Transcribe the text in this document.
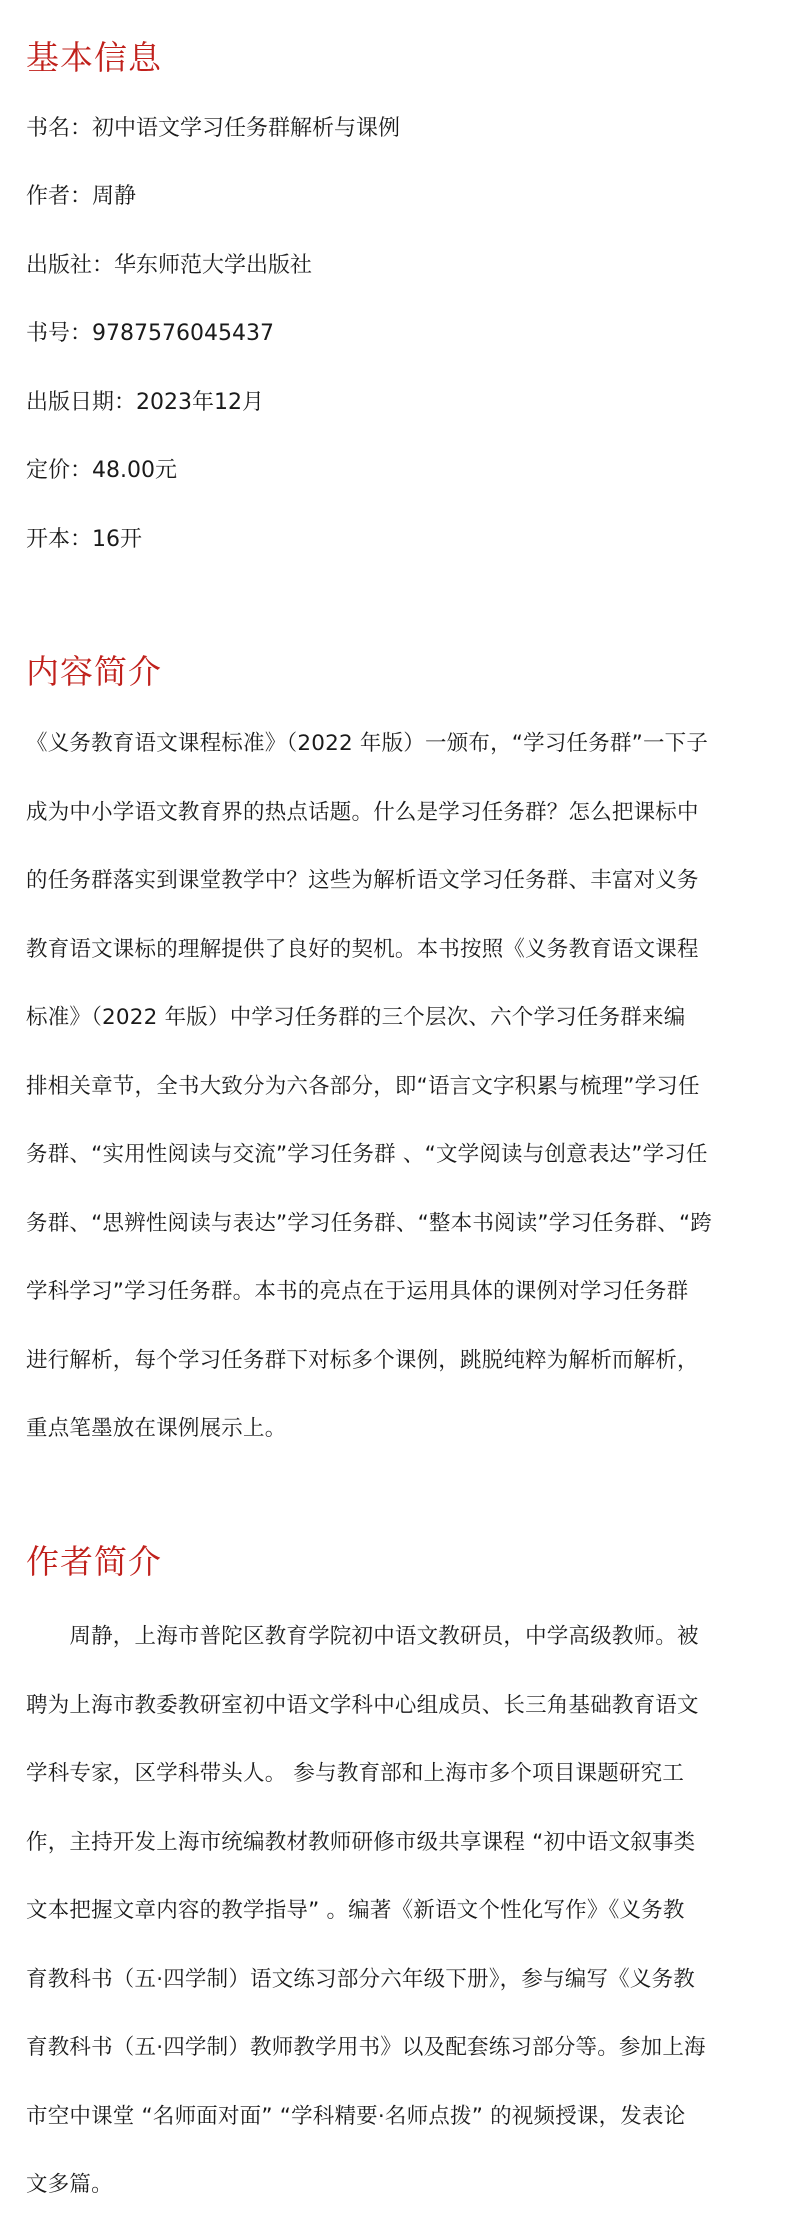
基本信息

书名：初中语文学习任务群解析与课例

作者：周静

出版社：华东师范大学出版社

书号：9787576045437

出版日期：2023年12月

定价：48.00元

开本：16开

内容简介
《义务教育语文课程标准》（2022 年版）一颁布，“学习任务群”一下子
成为中小学语文教育界的热点话题。什么是学习任务群？怎么把课标中
的任务群落实到课堂教学中？这些为解析语文学习任务群、丰富对义务
教育语文课标的理解提供了良好的契机。本书按照《义务教育语文课程
标准》（2022 年版）中学习任务群的三个层次、六个学习任务群来编
排相关章节，全书大致分为六各部分，即“语言文字积累与梳理”学习任
务群、“实用性阅读与交流”学习任务群 、“文学阅读与创意表达”学习任
务群、“思辨性阅读与表达”学习任务群、“整本书阅读”学习任务群、“跨
学科学习”学习任务群。本书的亮点在于运用具体的课例对学习任务群
进行解析，每个学习任务群下对标多个课例，跳脱纯粹为解析而解析，
重点笔墨放在课例展示上。
作者简介
　　周静，上海市普陀区教育学院初中语文教研员，中学高级教师。被
聘为上海市教委教研室初中语文学科中心组成员、长三角基础教育语文
学科专家，区学科带头人。 参与教育部和上海市多个项目课题研究工
作，主持开发上海市统编教材教师研修市级共享课程 “初中语文叙事类
文本把握文章内容的教学指导” 。编著《新语文个性化写作》《义务教
育教科书（五·四学制）语文练习部分六年级下册》，参与编写《义务教
育教科书（五·四学制）教师教学用书》以及配套练习部分等。参加上海
市空中课堂 “名师面对面” “学科精要·名师点拨” 的视频授课，发表论
文多篇。
